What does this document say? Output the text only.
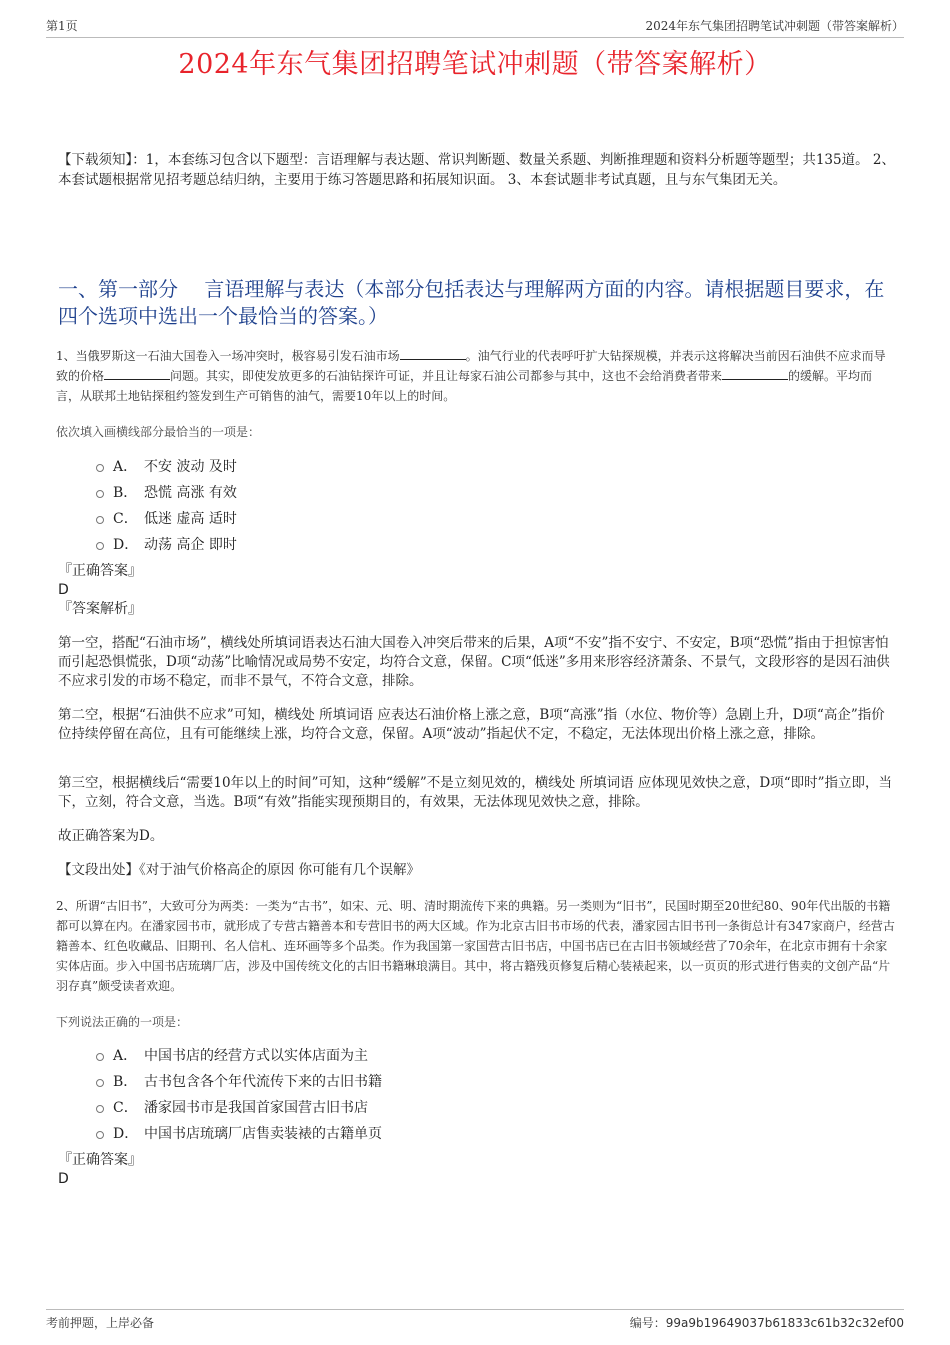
第1页	2024年东气集团招聘笔试冲刺题（带答案解析）
2024年东气集团招聘笔试冲刺题（带答案解析）
【下载须知】：1，本套练习包含以下题型：言语理解与表达题、常识判断题、数量关系题、判断推理题和资料分析题等题型；共135道。 2、本套试题根据常见招考题总结归纳，主要用于练习答题思路和拓展知识面。 3、本套试题非考试真题，且与东气集团无关。
一、第一部分　 言语理解与表达（本部分包括表达与理解两方面的内容。请根据题目要求，在四个选项中选出一个最恰当的答案。）
1、当俄罗斯这一石油大国卷入一场冲突时，极容易引发石油市场	。油气行业的代表呼吁扩大钻探规模，并表示这将解决当前因石油供不应求而导致的价格	问题。其实，即使发放更多的石油钻探许可证，并且让每家石油公司都参与其中，这也不会给消费者带来	的缓解。平均而言，从联邦土地钻探租约签发到生产可销售的油气，需要10年以上的时间。
依次填入画横线部分最恰当的一项是：
A． 不安 波动 及时
B． 恐慌 高涨 有效
C． 低迷 虚高 适时
D． 动荡 高企 即时
『正确答案』
D
『答案解析』
第一空，搭配“石油市场”，横线处所填词语表达石油大国卷入冲突后带来的后果，A项“不安”指不安宁、不安定，B项“恐慌”指由于担惊害怕而引起恐惧慌张，D项“动荡”比喻情况或局势不安定，均符合文意，保留。C项“低迷”多用来形容经济萧条、不景气，文段形容的是因石油供不应求引发的市场不稳定，而非不景气，不符合文意，排除。
第二空，根据“石油供不应求”可知，横线处 所填词语 应表达石油价格上涨之意，B项“高涨”指（水位、物价等）急剧上升，D项“高企”指价位持续停留在高位，且有可能继续上涨，均符合文意，保留。A项“波动”指起伏不定，不稳定，无法体现出价格上涨之意，排除。
第三空，根据横线后“需要10年以上的时间”可知，这种“缓解”不是立刻见效的，横线处 所填词语 应体现见效快之意，D项“即时”指立即，当下，立刻，符合文意，当选。B项“有效”指能实现预期目的，有效果，无法体现见效快之意，排除。
故正确答案为D。
【文段出处】《对于油气价格高企的原因 你可能有几个误解》
2、所谓“古旧书”，大致可分为两类：一类为“古书”，如宋、元、明、清时期流传下来的典籍。另一类则为“旧书”，民国时期至20世纪80、90年代出版的书籍都可以算在内。在潘家园书市，就形成了专营古籍善本和专营旧书的两大区域。作为北京古旧书市场的代表，潘家园古旧书刊一条街总计有347家商户，经营古籍善本、红色收藏品、旧期刊、名人信札、连环画等多个品类。作为我国第一家国营古旧书店，中国书店已在古旧书领域经营了70余年，在北京市拥有十余家实体店面。步入中国书店琉璃厂店，涉及中国传统文化的古旧书籍琳琅满目。其中，将古籍残页修复后精心装裱起来，以一页页的形式进行售卖的文创产品“片羽存真”颇受读者欢迎。
下列说法正确的一项是：
A． 中国书店的经营方式以实体店面为主
B． 古书包含各个年代流传下来的古旧书籍
C． 潘家园书市是我国首家国营古旧书店
D． 中国书店琉璃厂店售卖装裱的古籍单页
『正确答案』
D
考前押题，上岸必备	编号：99a9b19649037b61833c61b32c32ef00
